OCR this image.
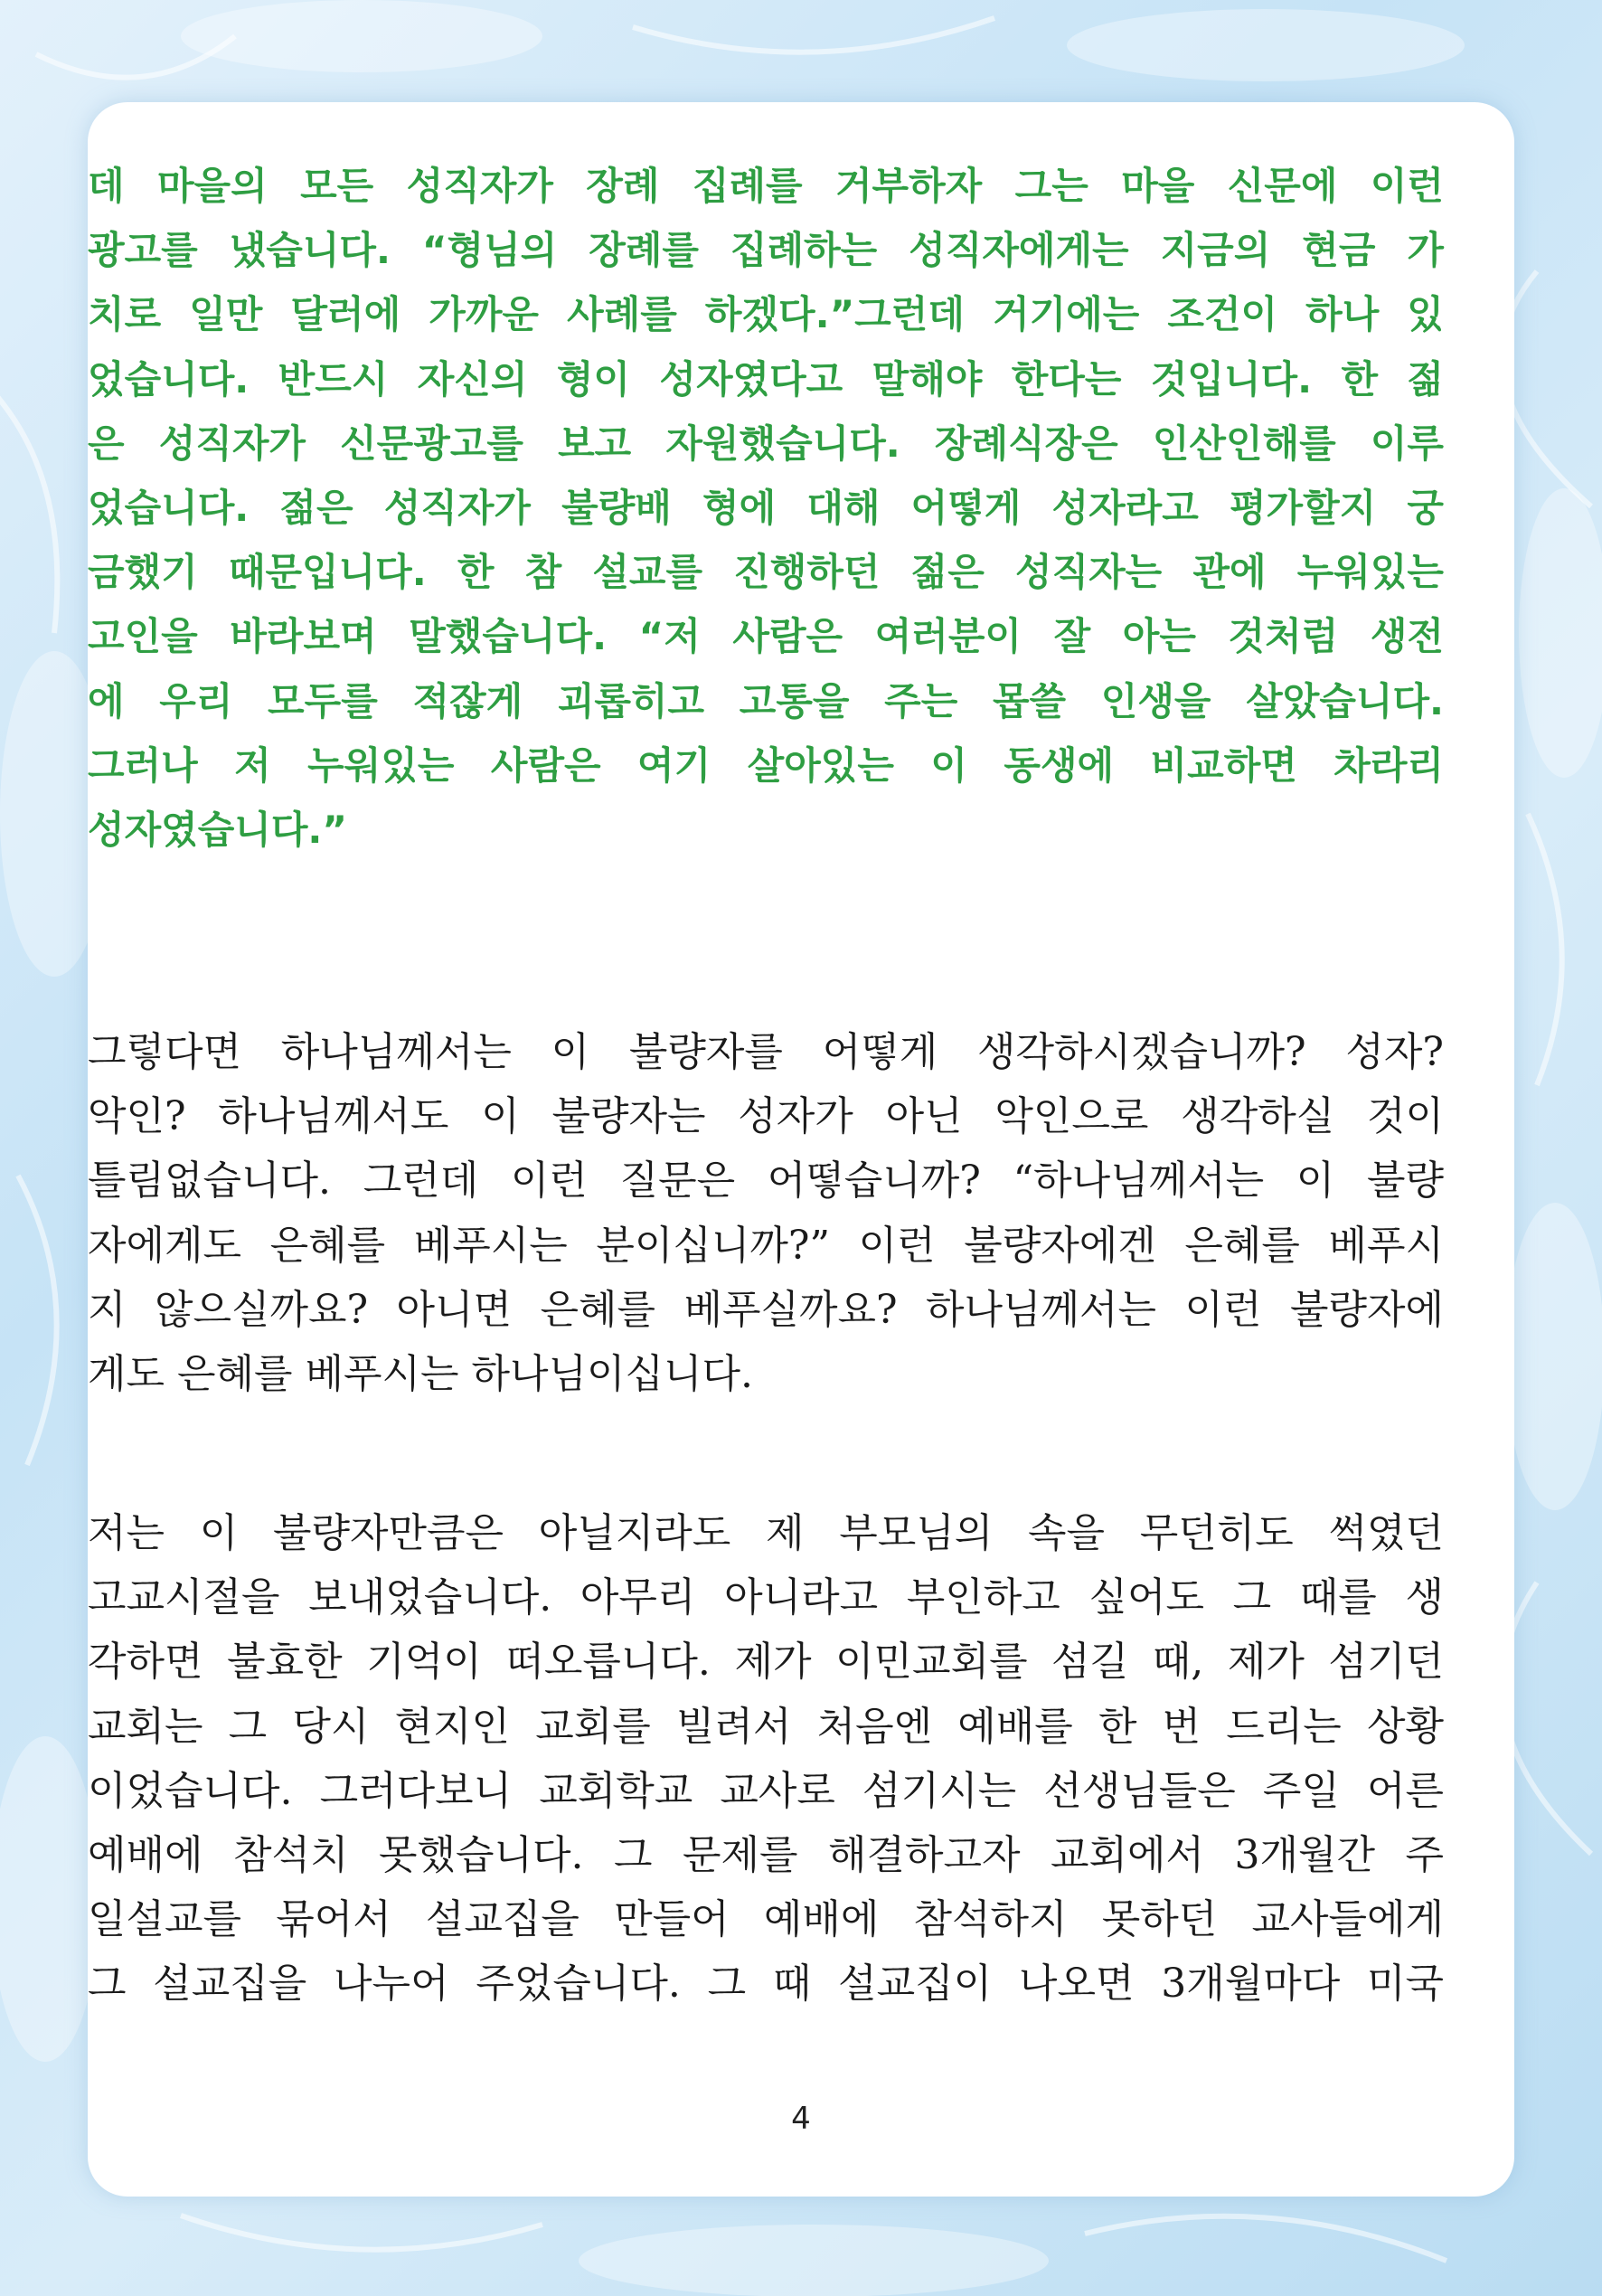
데 마을의 모든 성직자가 장례 집례를 거부하자 그는 마을 신문에 이런
광고를 냈습니다. “형님의 장례를 집례하는 성직자에게는 지금의 현금 가
치로 일만 달러에 가까운 사례를 하겠다.”그런데 거기에는 조건이 하나 있
었습니다. 반드시 자신의 형이 성자였다고 말해야 한다는 것입니다. 한 젊
은 성직자가 신문광고를 보고 자원했습니다. 장례식장은 인산인해를 이루
었습니다. 젊은 성직자가 불량배 형에 대해 어떻게 성자라고 평가할지 궁
금했기 때문입니다. 한 참 설교를 진행하던 젊은 성직자는 관에 누워있는
고인을 바라보며 말했습니다. “저 사람은 여러분이 잘 아는 것처럼 생전
에 우리 모두를 적잖게 괴롭히고 고통을 주는 몹쓸 인생을 살았습니다.
그러나 저 누워있는 사람은 여기 살아있는 이 동생에 비교하면 차라리
성자였습니다.”
그렇다면 하나님께서는 이 불량자를 어떻게 생각하시겠습니까? 성자?
악인? 하나님께서도 이 불량자는 성자가 아닌 악인으로 생각하실 것이
틀림없습니다. 그런데 이런 질문은 어떻습니까? “하나님께서는 이 불량
자에게도 은혜를 베푸시는 분이십니까?” 이런 불량자에겐 은혜를 베푸시
지 않으실까요? 아니면 은혜를 베푸실까요? 하나님께서는 이런 불량자에
게도 은혜를 베푸시는 하나님이십니다.
저는 이 불량자만큼은 아닐지라도 제 부모님의 속을 무던히도 썩였던
고교시절을 보내었습니다. 아무리 아니라고 부인하고 싶어도 그 때를 생
각하면 불효한 기억이 떠오릅니다. 제가 이민교회를 섬길 때, 제가 섬기던
교회는 그 당시 현지인 교회를 빌려서 처음엔 예배를 한 번 드리는 상황
이었습니다. 그러다보니 교회학교 교사로 섬기시는 선생님들은 주일 어른
예배에 참석치 못했습니다. 그 문제를 해결하고자 교회에서 3개월간 주
일설교를 묶어서 설교집을 만들어 예배에 참석하지 못하던 교사들에게
그 설교집을 나누어 주었습니다. 그 때 설교집이 나오면 3개월마다 미국
4
